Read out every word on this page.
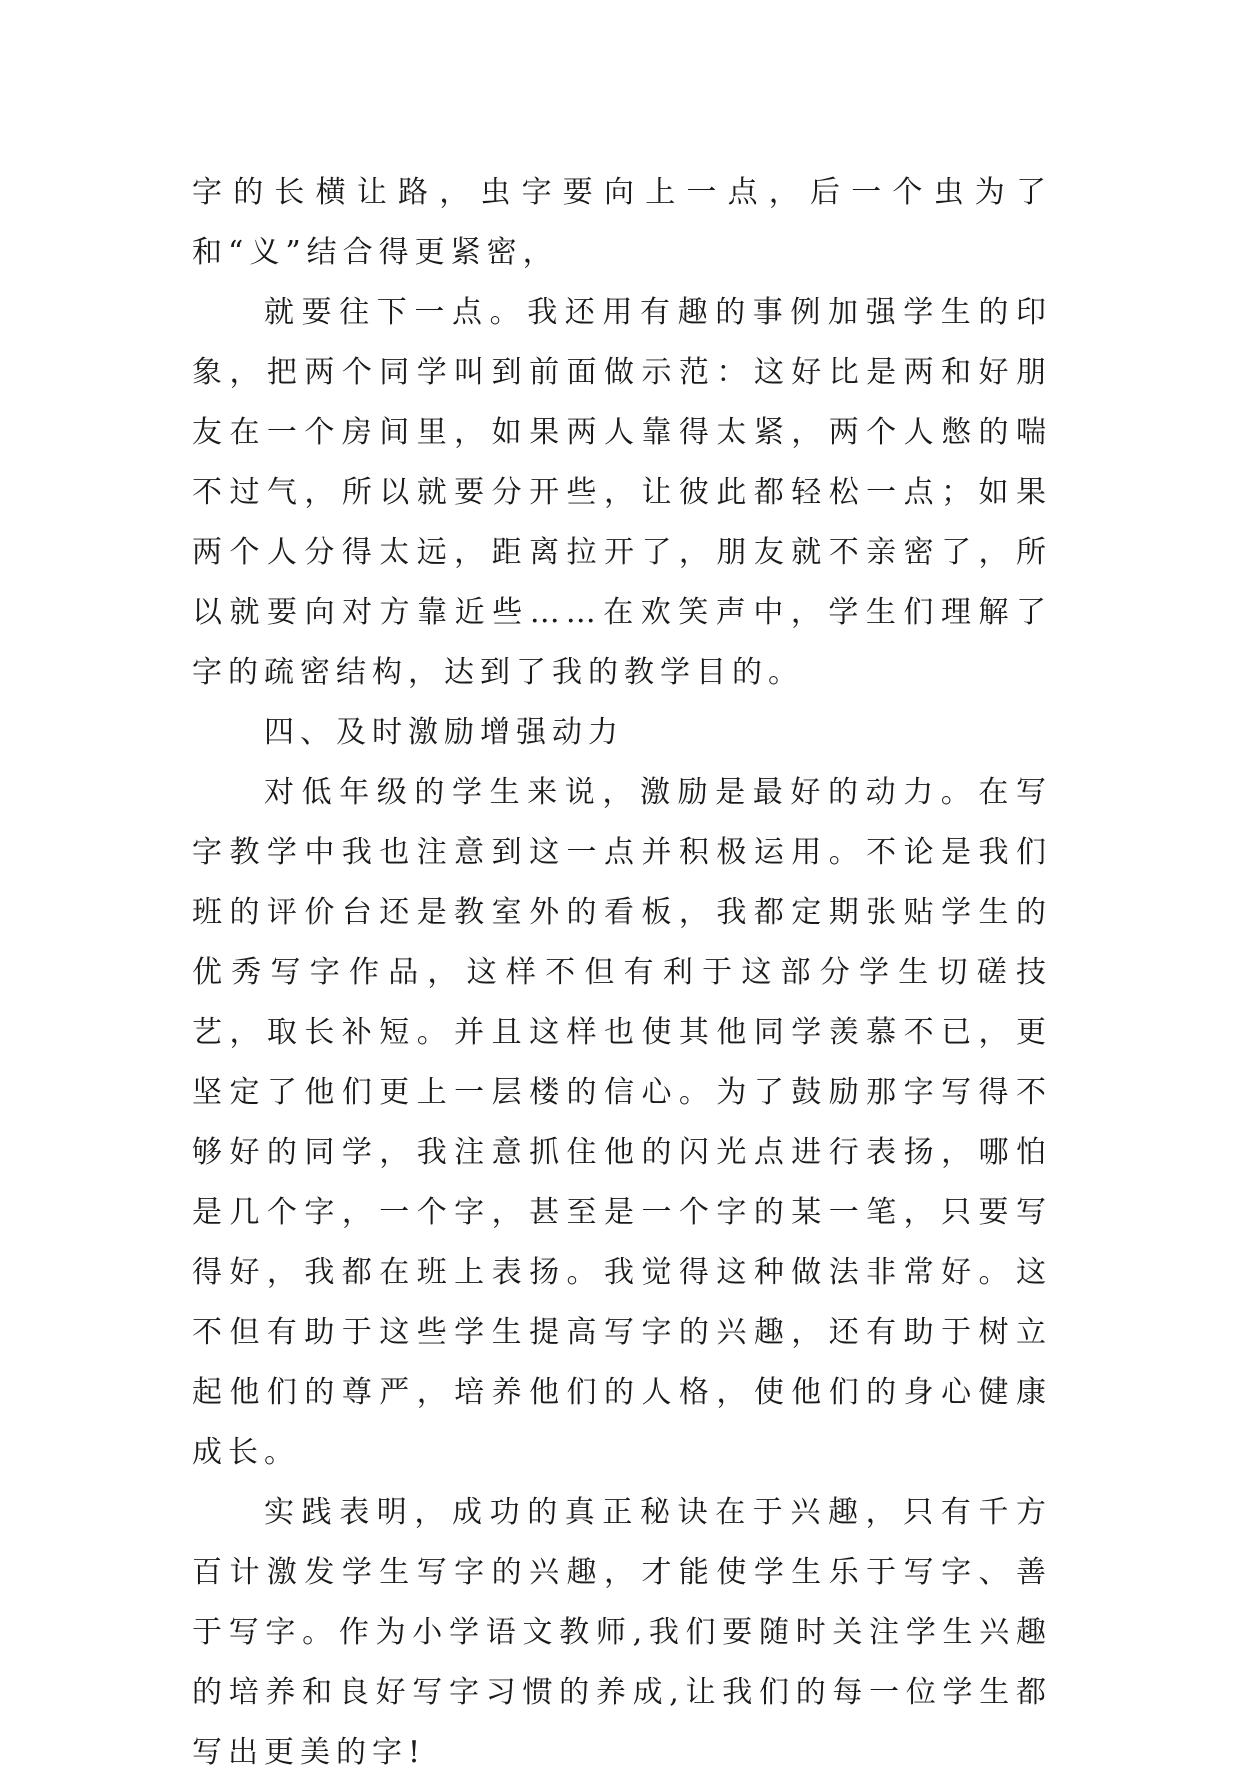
字的长横让路，虫字要向上一点，后一个虫为了和“义”结合得更紧密，

就要往下一点。我还用有趣的事例加强学生的印象，把两个同学叫到前面做示范：这好比是两和好朋友在一个房间里，如果两人靠得太紧，两个人憋的喘不过气，所以就要分开些，让彼此都轻松一点；如果两个人分得太远，距离拉开了，朋友就不亲密了，所以就要向对方靠近些……在欢笑声中，学生们理解了字的疏密结构，达到了我的教学目的。

四、及时激励增强动力

对低年级的学生来说，激励是最好的动力。在写字教学中我也注意到这一点并积极运用。不论是我们班的评价台还是教室外的看板，我都定期张贴学生的优秀写字作品，这样不但有利于这部分学生切磋技艺，取长补短。并且这样也使其他同学羡慕不已，更坚定了他们更上一层楼的信心。为了鼓励那字写得不够好的同学，我注意抓住他的闪光点进行表扬，哪怕是几个字，一个字，甚至是一个字的某一笔，只要写得好，我都在班上表扬。我觉得这种做法非常好。这不但有助于这些学生提高写字的兴趣，还有助于树立起他们的尊严，培养他们的人格，使他们的身心健康成长。

实践表明，成功的真正秘诀在于兴趣，只有千方百计激发学生写字的兴趣，才能使学生乐于写字、善于写字。作为小学语文教师,我们要随时关注学生兴趣的培养和良好写字习惯的养成,让我们的每一位学生都写出更美的字!
